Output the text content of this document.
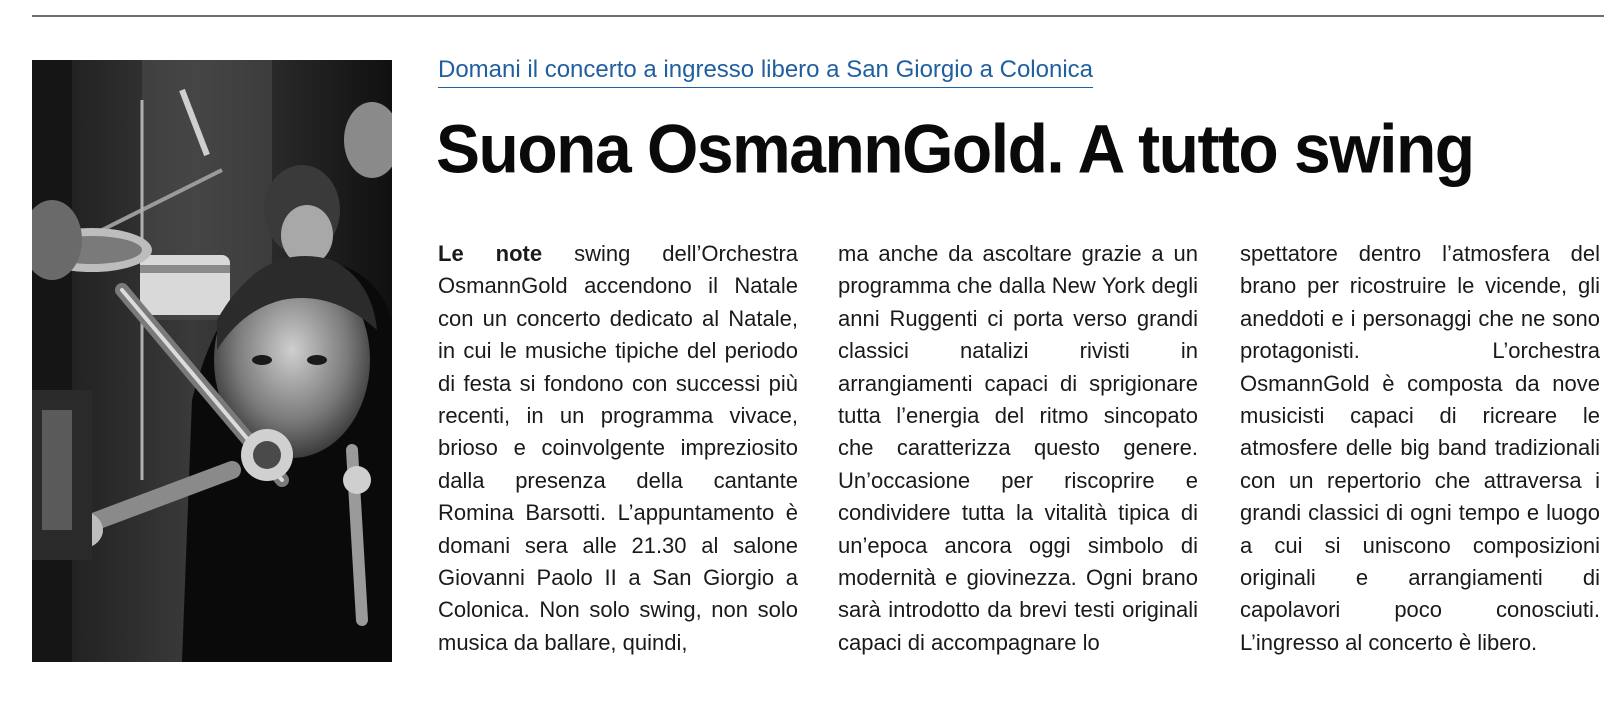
Domani il concerto a ingresso libero a San Giorgio a Colonica
Suona OsmannGold. A tutto swing
Le note swing dell’Orchestra OsmannGold accendono il Natale con un concerto dedicato al Natale, in cui le musiche tipiche del periodo di festa si fondono con successi più recenti, in un programma vivace, brioso e coinvolgente impreziosito dalla presenza della cantante Romina Barsotti. L’appuntamento è domani sera alle 21.30 al salone Giovanni Paolo II a San Giorgio a Colonica. Non solo swing, non solo musica da ballare, quindi,
ma anche da ascoltare grazie a un programma che dalla New York degli anni Ruggenti ci porta verso grandi classici natalizi rivisti in arrangiamenti capaci di sprigionare tutta l’energia del ritmo sincopato che caratterizza questo genere. Un’occasione per riscoprire e condividere tutta la vitalità tipica di un’epoca ancora oggi simbolo di modernità e giovinezza. Ogni brano sarà introdotto da brevi testi originali capaci di accompagnare lo
spettatore dentro l’atmosfera del brano per ricostruire le vicende, gli aneddoti e i personaggi che ne sono protagonisti. L’orchestra OsmannGold è composta da nove musicisti capaci di ricreare le atmosfere delle big band tradizionali con un repertorio che attraversa i grandi classici di ogni tempo e luogo a cui si uniscono composizioni originali e arrangiamenti di capolavori poco conosciuti. L’ingresso al concerto è libero.
